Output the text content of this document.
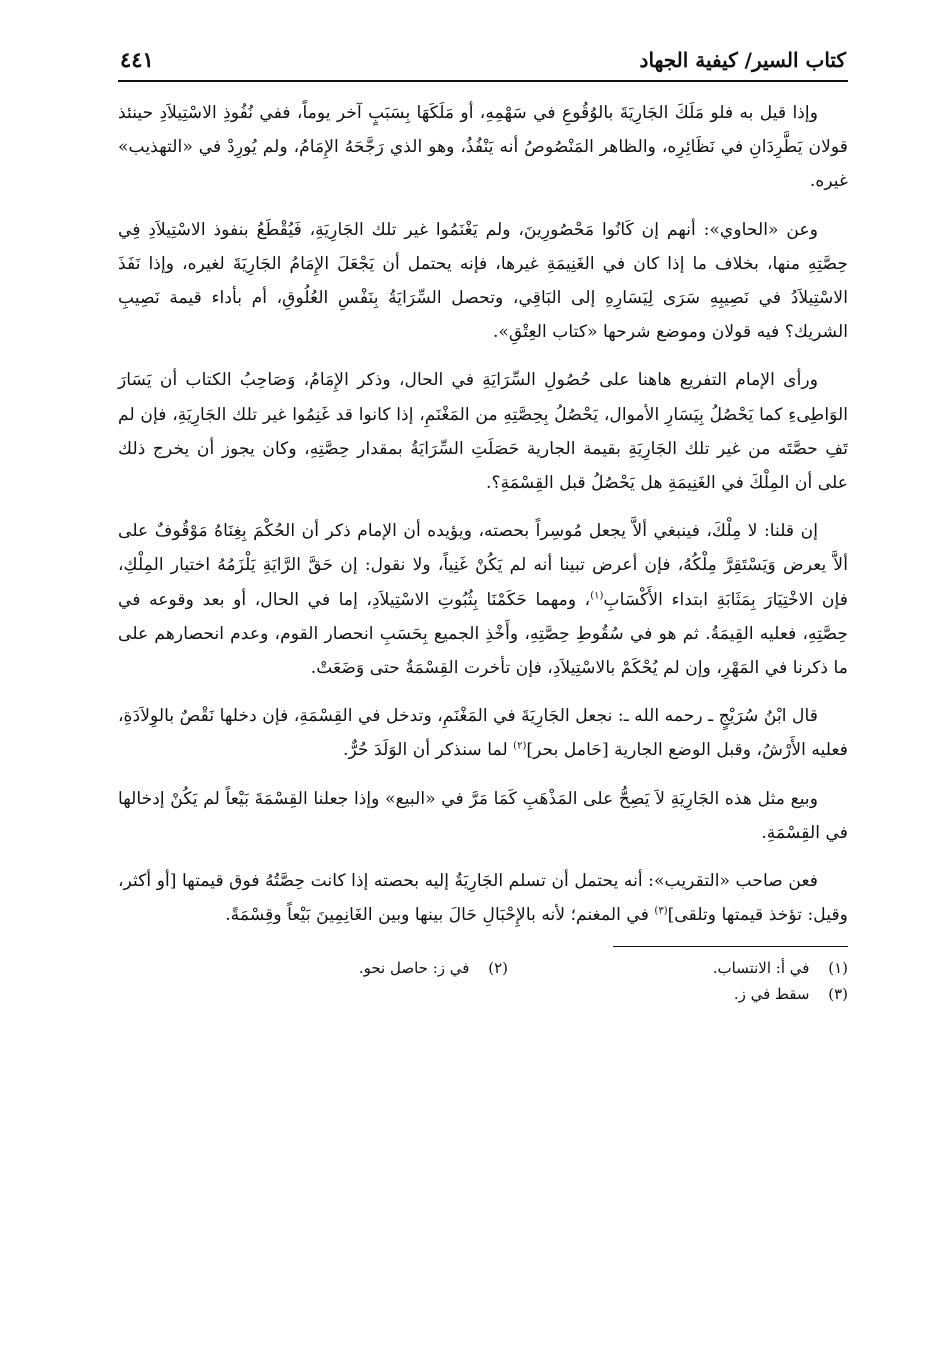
كتاب السير/ كيفية الجهاد
٤٤١

وإذا قيل به فلو مَلَكَ الجَارِيَةَ بالوُقُوعِ في سَهْمِهِ، أو مَلَكَهَا بِسَبَبٍ آخر يوماً، ففي نُفُوذِ الاسْتِيلاَدِ حينئذ قولان يَطَّرِدَانِ في نَظَائِرِه، والظاهر المَنْصُوصُ أنه يَنْفُذُ، وهو الذي رَجَّحَهُ الإِمَامُ، ولم يُورِدْ في «التهذيب» غيره.

وعن «الحاوي»: أنهم إن كَانُوا مَحْصُورِينَ، ولم يَغْنَمُوا غير تلك الجَارِيَةِ، فَيُقْطَعُ بنفوذ الاسْتِيلاَدِ فِي حِصَّتِهِ منها، بخلاف ما إذا كان في الغَنِيمَةِ غيرها، فإنه يحتمل أن يَجْعَلَ الإِمَامُ الجَارِيَةَ لغيره، وإذا نَفَذَ الاسْتِيلاَدُ في نَصِيبِهِ سَرَى لِيَسَارِهِ إلى البَاقِي، وتحصل السِّرَايَةُ بِنَفْسِ العُلُوقِ، أم بأداء قيمة نَصِيبِ الشريك؟ فيه قولان وموضع شرحها «كتاب العِتْقِ».

ورأى الإمام التفريع هاهنا على حُصُولِ السِّرَايَةِ في الحال، وذكر الإِمَامُ، وَصَاحِبُ الكتاب أن يَسَارَ الوَاطِىءِ كما يَحْصُلُ بِيَسَارِ الأموال، يَحْصُلُ بِحِصَّتِهِ من المَغْنَمِ، إذا كانوا قد غَنِمُوا غير تلك الجَارِيَةِ، فإن لم تَفِ حصَّتَه من غير تلك الجَارِيَةِ بقيمة الجارية حَصَلَتِ السِّرَايَةُ بمقدار حِصَّتِهِ، وكان يجوز أن يخرج ذلك على أن المِلْكَ في الغَنِيمَةِ هل يَحْصُلُ قبل القِسْمَةِ؟.

إن قلنا: لا مِلْكَ، فينبغي ألاَّ يجعل مُوسِراً بحصته، ويؤيده أن الإمام ذكر أن الحُكْمَ بِغِنَاهُ مَوْقُوفٌ على ألاَّ يعرض وَيَسْتَقِرَّ مِلْكُهُ، فإن أعرض تبينا أنه لم يَكُنْ غَنِياً، ولا نقول: إن حَقَّ الرَّايَةِ يَلْزَمُهُ اختيار المِلْكِ، فإن الاخْتِيَارَ بِمَثَابَةِ ابتداء الأَكْسَابِ$^{(١)}$، ومهما حَكَمْنَا بِثُبُوتِ الاسْتِيلاَدِ، إما في الحال، أو بعد وقوعه في حِصَّتِهِ، فعليه القِيمَةُ. ثم هو في سُقُوطِ حِصَّتِهِ، وأَخْذِ الجميع بِحَسَبِ انحصار القوم، وعدم انحصارهم على ما ذكرنا في المَهْرِ، وإن لم يُحْكَمْ بالاسْتِيلاَدِ، فإن تأخرت القِسْمَةُ حتى وَضَعَتْ.

قال ابْنُ سُرَيْجٍ ـ رحمه الله ـ: نجعل الجَارِيَةَ في المَغْنَمِ، وتدخل في القِسْمَةِ، فإن دخلها نَقْصٌ بالوِلاَدَةِ، فعليه الأَرْشُ، وقبل الوضع الجارية [حَامل بحر]$^{(٢)}$ لما سنذكر أن الوَلَدَ حُرٌّ.

وبيع مثل هذه الجَارِيَةِ لاَ يَصِحُّ على المَذْهَبِ كَمَا مَرَّ في «البيع» وإذا جعلنا القِسْمَةَ بَيْعاً لم يَكُنْ إدخالها في القِسْمَةِ.

فعن صاحب «التقريب»: أنه يحتمل أن تسلم الجَارِيَةُ إليه بحصته إذا كانت حِصَّتُهُ فوق قيمتها [أو أكثر، وقيل: تؤخذ قيمتها وتلقى]$^{(٣)}$ في المغنم؛ لأنه بالإِحْبَالِ حَالَ بينها وبين الغَانِمِينَ بَيْعاً وقِسْمَةً.

(١) في أ: الانتساب.
(٢) في ز: حاصل نحو.
(٣) سقط في ز.
